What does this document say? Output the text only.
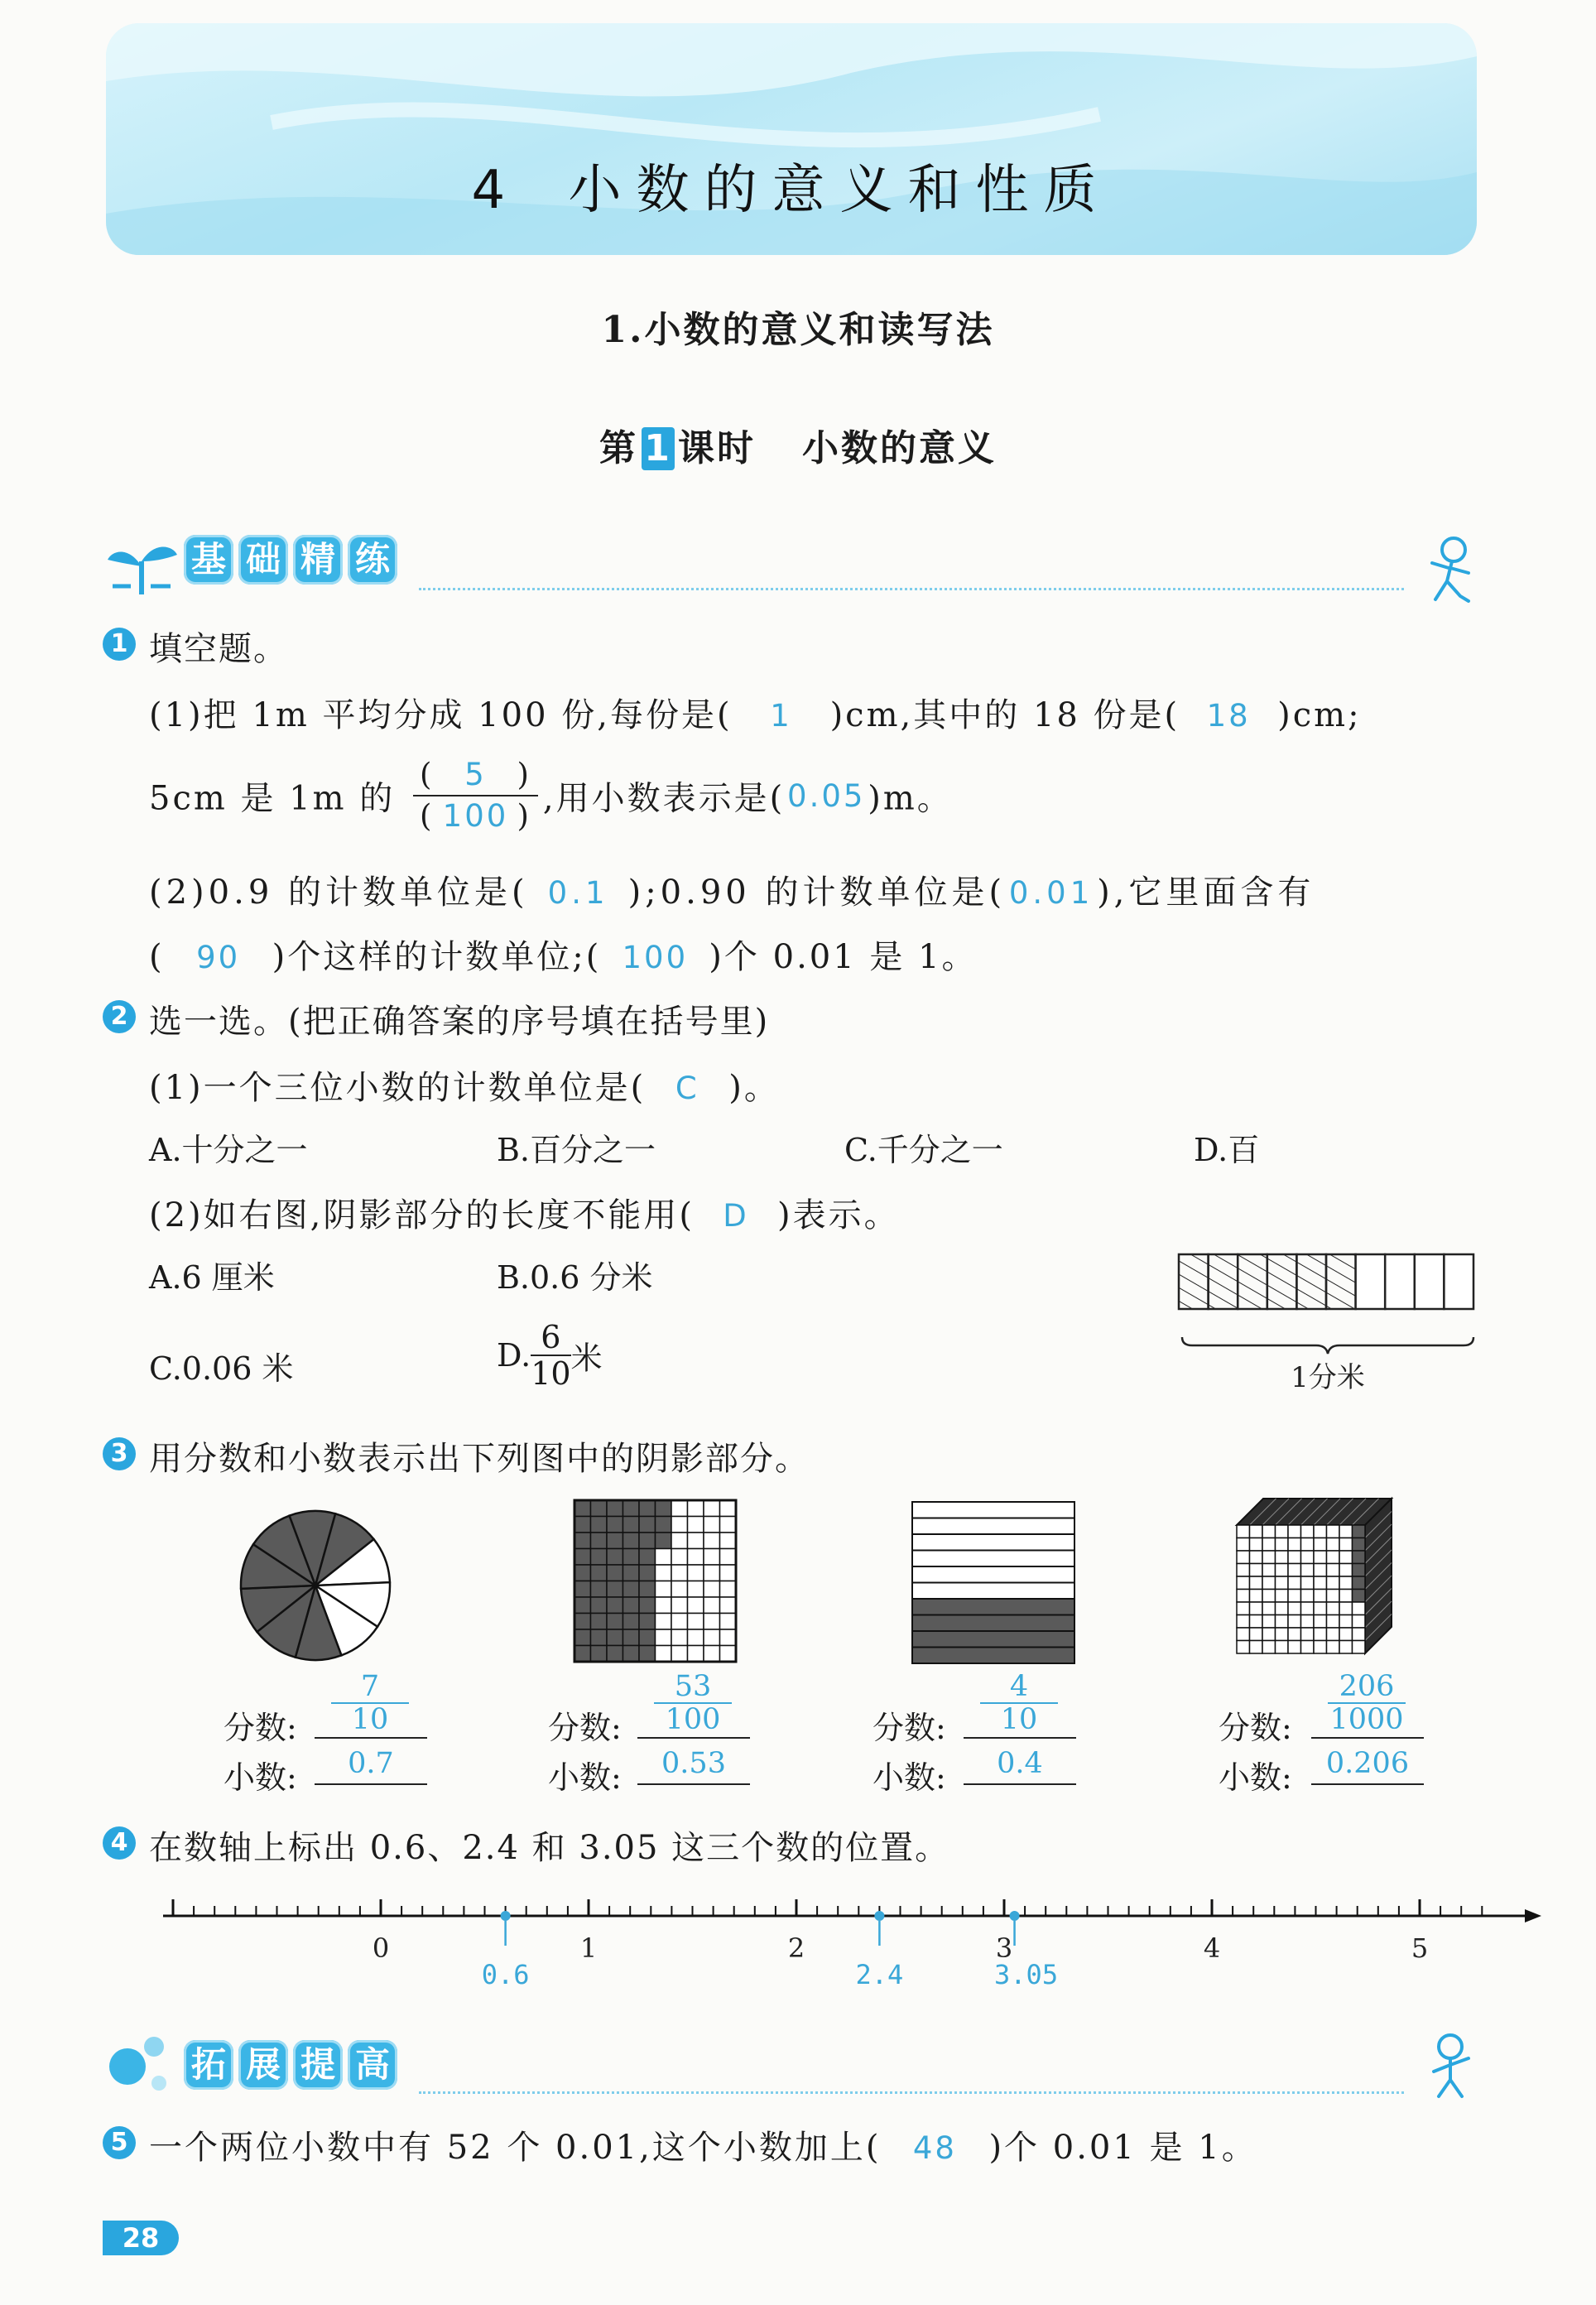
4 小数的意义和性质
1.小数的意义和读写法
第 1 课时 小数的意义
基 础 精 练
1 填空题。
(1)把 1m 平均分成 100 份,每份是( 1 )cm,其中的 18 份是( 18 )cm;
5cm 是 1m 的 $\frac{( 5 )}{( 100 )}$ ,用小数表示是(0.05)m。
(2)0.9 的计数单位是( 0.1 );0.90 的计数单位是( 0.01),它里面含有
( 90 )个这样的计数单位;( 100 )个 0.01 是 1。
2 选一选。(把正确答案的序号填在括号里)
(1)一个三位小数的计数单位是( C )。
A.十分之一	B.百分之一	C.千分之一	D.百
(2)如右图,阴影部分的长度不能用( D )表示。
A.6 厘米	B.0.6 分米
C.0.06 米	D. $\frac{6}{10}$ 米
1分米
3 用分数和小数表示出下列图中的阴影部分。
分数: $\frac{7}{10}$
小数:	0.7
分数: $\frac{53}{100}$
小数:	0.53
分数: $\frac{4}{10}$
小数:	0.4
分数: $\frac{206}{1000}$
小数:	0.206
4 在数轴上标出 0.6、2.4 和 3.05 这三个数的位置。
0	1	2	3	4	5
0.6	2.4	3.05
拓 展 提 高
5 一个两位小数中有 52 个 0.01,这个小数加上( 48 )个 0.01 是 1。
28
